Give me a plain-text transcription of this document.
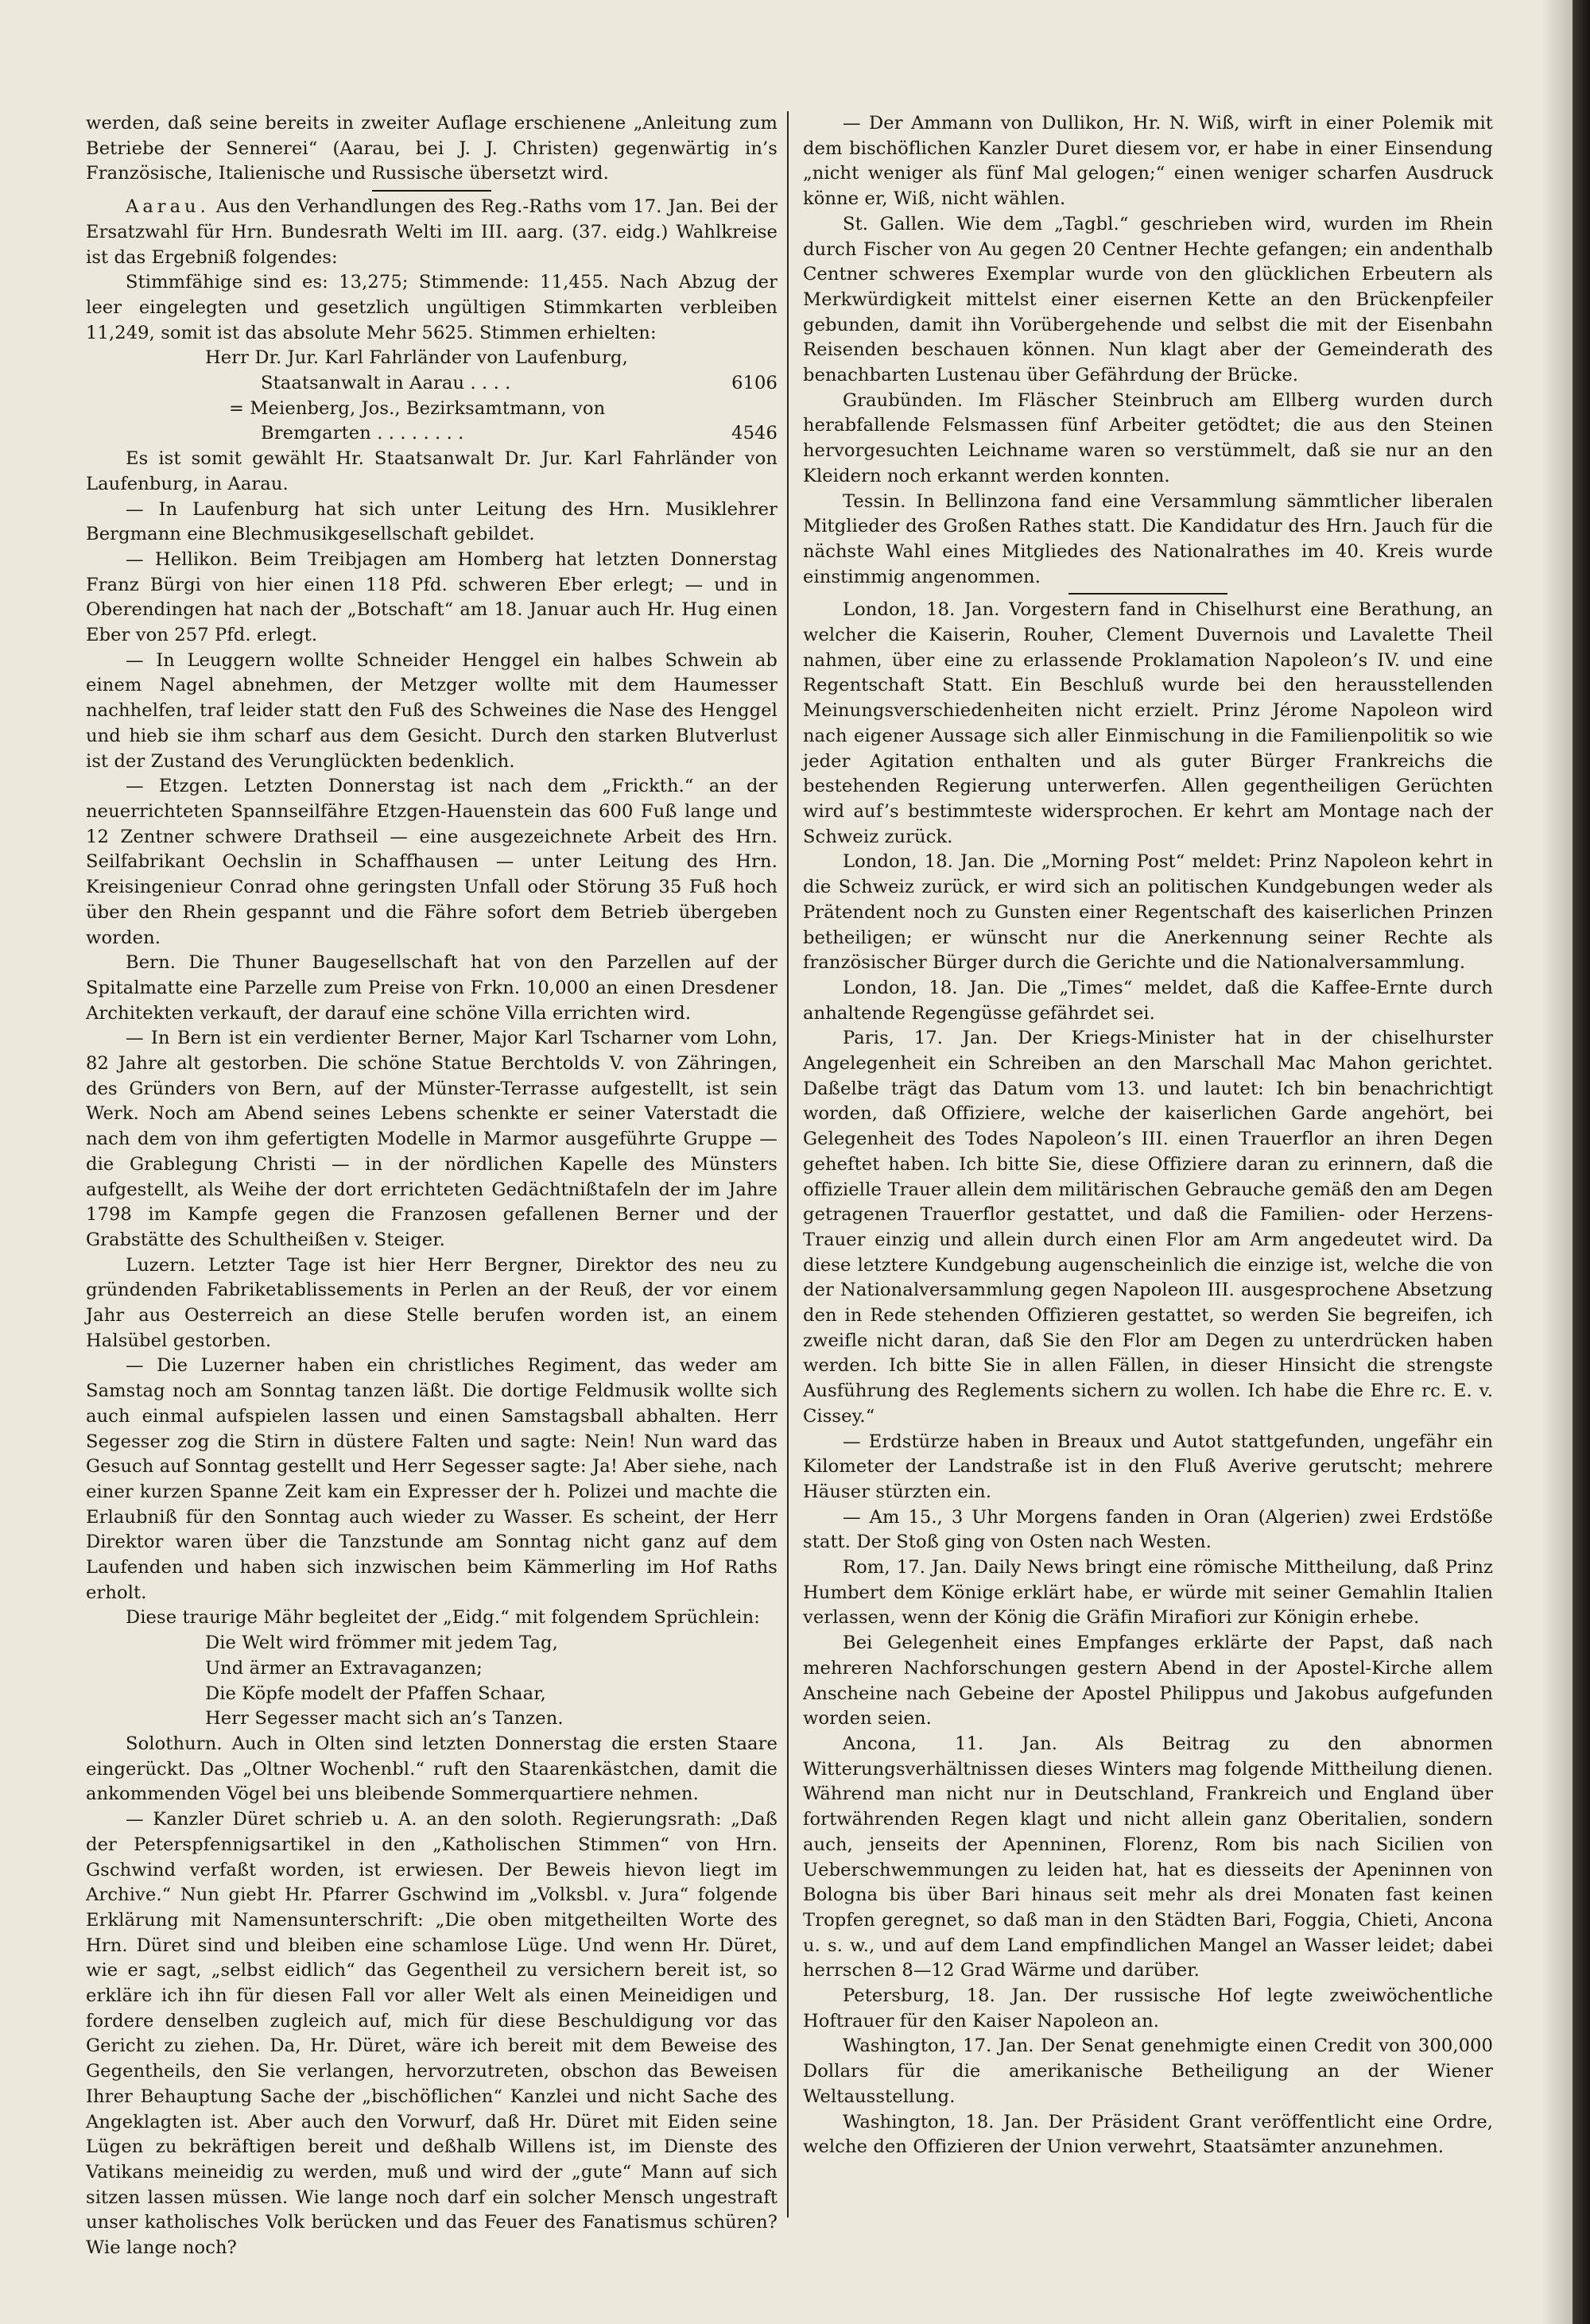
werden, daß seine bereits in zweiter Auflage erschienene „Anleitung zum Betriebe der Sennerei“ (Aarau, bei J. J. Christen) gegenwärtig in’s Französische, Italienische und Russische übersetzt wird.

Aarau. Aus den Verhandlungen des Reg.-Raths vom 17. Jan. Bei der Ersatzwahl für Hrn. Bundesrath Welti im III. aarg. (37. eidg.) Wahlkreise ist das Ergebniß folgendes:

Stimmfähige sind es: 13,275; Stimmende: 11,455. Nach Abzug der leer eingelegten und gesetzlich ungültigen Stimmkarten verbleiben 11,249, somit ist das absolute Mehr 5625. Stimmen erhielten:

Herr Dr. Jur. Karl Fahrländer von Laufenburg,
Staatsanwalt in Aarau . . . .	6106
= Meienberg, Jos., Bezirksamtmann, von
Bremgarten . . . . . . . .	4546

Es ist somit gewählt Hr. Staatsanwalt Dr. Jur. Karl Fahrländer von Laufenburg, in Aarau.

— In Laufenburg hat sich unter Leitung des Hrn. Musiklehrer Bergmann eine Blechmusikgesellschaft gebildet.

— Hellikon. Beim Treibjagen am Homberg hat letzten Donnerstag Franz Bürgi von hier einen 118 Pfd. schweren Eber erlegt; — und in Oberendingen hat nach der „Botschaft“ am 18. Januar auch Hr. Hug einen Eber von 257 Pfd. erlegt.

— In Leuggern wollte Schneider Henggel ein halbes Schwein ab einem Nagel abnehmen, der Metzger wollte mit dem Haumesser nachhelfen, traf leider statt den Fuß des Schweines die Nase des Henggel und hieb sie ihm scharf aus dem Gesicht. Durch den starken Blutverlust ist der Zustand des Verunglückten bedenklich.

— Etzgen. Letzten Donnerstag ist nach dem „Frickth.“ an der neuerrichteten Spannseilfähre Etzgen-Hauenstein das 600 Fuß lange und 12 Zentner schwere Drathseil — eine ausgezeichnete Arbeit des Hrn. Seilfabrikant Oechslin in Schaffhausen — unter Leitung des Hrn. Kreisingenieur Conrad ohne geringsten Unfall oder Störung 35 Fuß hoch über den Rhein gespannt und die Fähre sofort dem Betrieb übergeben worden.

Bern. Die Thuner Baugesellschaft hat von den Parzellen auf der Spitalmatte eine Parzelle zum Preise von Frkn. 10,000 an einen Dresdener Architekten verkauft, der darauf eine schöne Villa errichten wird.

— In Bern ist ein verdienter Berner, Major Karl Tscharner vom Lohn, 82 Jahre alt gestorben. Die schöne Statue Berchtolds V. von Zähringen, des Gründers von Bern, auf der Münster-Terrasse aufgestellt, ist sein Werk. Noch am Abend seines Lebens schenkte er seiner Vaterstadt die nach dem von ihm gefertigten Modelle in Marmor ausgeführte Gruppe — die Grablegung Christi — in der nördlichen Kapelle des Münsters aufgestellt, als Weihe der dort errichteten Gedächtnißtafeln der im Jahre 1798 im Kampfe gegen die Franzosen gefallenen Berner und der Grabstätte des Schultheißen v. Steiger.

Luzern. Letzter Tage ist hier Herr Bergner, Direktor des neu zu gründenden Fabriketablissements in Perlen an der Reuß, der vor einem Jahr aus Oesterreich an diese Stelle berufen worden ist, an einem Halsübel gestorben.

— Die Luzerner haben ein christliches Regiment, das weder am Samstag noch am Sonntag tanzen läßt. Die dortige Feldmusik wollte sich auch einmal aufspielen lassen und einen Samstagsball abhalten. Herr Segesser zog die Stirn in düstere Falten und sagte: Nein! Nun ward das Gesuch auf Sonntag gestellt und Herr Segesser sagte: Ja! Aber siehe, nach einer kurzen Spanne Zeit kam ein Expresser der h. Polizei und machte die Erlaubniß für den Sonntag auch wieder zu Wasser. Es scheint, der Herr Direktor waren über die Tanzstunde am Sonntag nicht ganz auf dem Laufenden und haben sich inzwischen beim Kämmerling im Hof Raths erholt.

Diese traurige Mähr begleitet der „Eidg.“ mit folgendem Sprüchlein:

Die Welt wird frömmer mit jedem Tag,
Und ärmer an Extravaganzen;
Die Köpfe modelt der Pfaffen Schaar,
Herr Segesser macht sich an’s Tanzen.

Solothurn. Auch in Olten sind letzten Donnerstag die ersten Staare eingerückt. Das „Oltner Wochenbl.“ ruft den Staarenkästchen, damit die ankommenden Vögel bei uns bleibende Sommerquartiere nehmen.

— Kanzler Düret schrieb u. A. an den soloth. Regierungsrath: „Daß der Peterspfennigsartikel in den „Katholischen Stimmen“ von Hrn. Gschwind verfaßt worden, ist erwiesen. Der Beweis hievon liegt im Archive.“ Nun giebt Hr. Pfarrer Gschwind im „Volksbl. v. Jura“ folgende Erklärung mit Namensunterschrift: „Die oben mitgetheilten Worte des Hrn. Düret sind und bleiben eine schamlose Lüge. Und wenn Hr. Düret, wie er sagt, „selbst eidlich“ das Gegentheil zu versichern bereit ist, so erkläre ich ihn für diesen Fall vor aller Welt als einen Meineidigen und fordere denselben zugleich auf, mich für diese Beschuldigung vor das Gericht zu ziehen. Da, Hr. Düret, wäre ich bereit mit dem Beweise des Gegentheils, den Sie verlangen, hervorzutreten, obschon das Beweisen Ihrer Behauptung Sache der „bischöflichen“ Kanzlei und nicht Sache des Angeklagten ist. Aber auch den Vorwurf, daß Hr. Düret mit Eiden seine Lügen zu bekräftigen bereit und deßhalb Willens ist, im Dienste des Vatikans meineidig zu werden, muß und wird der „gute“ Mann auf sich sitzen lassen müssen. Wie lange noch darf ein solcher Mensch ungestraft unser katholisches Volk berücken und das Feuer des Fanatismus schüren? Wie lange noch?

— Der Ammann von Dullikon, Hr. N. Wiß, wirft in einer Polemik mit dem bischöflichen Kanzler Duret diesem vor, er habe in einer Einsendung „nicht weniger als fünf Mal gelogen;“ einen weniger scharfen Ausdruck könne er, Wiß, nicht wählen.

St. Gallen. Wie dem „Tagbl.“ geschrieben wird, wurden im Rhein durch Fischer von Au gegen 20 Centner Hechte gefangen; ein andenthalb Centner schweres Exemplar wurde von den glücklichen Erbeutern als Merkwürdigkeit mittelst einer eisernen Kette an den Brückenpfeiler gebunden, damit ihn Vorübergehende und selbst die mit der Eisenbahn Reisenden beschauen können. Nun klagt aber der Gemeinderath des benachbarten Lustenau über Gefährdung der Brücke.

Graubünden. Im Fläscher Steinbruch am Ellberg wurden durch herabfallende Felsmassen fünf Arbeiter getödtet; die aus den Steinen hervorgesuchten Leichname waren so verstümmelt, daß sie nur an den Kleidern noch erkannt werden konnten.

Tessin. In Bellinzona fand eine Versammlung sämmtlicher liberalen Mitglieder des Großen Rathes statt. Die Kandidatur des Hrn. Jauch für die nächste Wahl eines Mitgliedes des Nationalrathes im 40. Kreis wurde einstimmig angenommen.

London, 18. Jan. Vorgestern fand in Chiselhurst eine Berathung, an welcher die Kaiserin, Rouher, Clement Duvernois und Lavalette Theil nahmen, über eine zu erlassende Proklamation Napoleon’s IV. und eine Regentschaft Statt. Ein Beschluß wurde bei den herausstellenden Meinungsverschiedenheiten nicht erzielt. Prinz Jérome Napoleon wird nach eigener Aussage sich aller Einmischung in die Familienpolitik so wie jeder Agitation enthalten und als guter Bürger Frankreichs die bestehenden Regierung unterwerfen. Allen gegentheiligen Gerüchten wird auf’s bestimmteste widersprochen. Er kehrt am Montage nach der Schweiz zurück.

London, 18. Jan. Die „Morning Post“ meldet: Prinz Napoleon kehrt in die Schweiz zurück, er wird sich an politischen Kundgebungen weder als Prätendent noch zu Gunsten einer Regentschaft des kaiserlichen Prinzen betheiligen; er wünscht nur die Anerkennung seiner Rechte als französischer Bürger durch die Gerichte und die Nationalversammlung.

London, 18. Jan. Die „Times“ meldet, daß die Kaffee-Ernte durch anhaltende Regengüsse gefährdet sei.

Paris, 17. Jan. Der Kriegs-Minister hat in der chiselhurster Angelegenheit ein Schreiben an den Marschall Mac Mahon gerichtet. Daßelbe trägt das Datum vom 13. und lautet: Ich bin benachrichtigt worden, daß Offiziere, welche der kaiserlichen Garde angehört, bei Gelegenheit des Todes Napoleon’s III. einen Trauerflor an ihren Degen geheftet haben. Ich bitte Sie, diese Offiziere daran zu erinnern, daß die offizielle Trauer allein dem militärischen Gebrauche gemäß den am Degen getragenen Trauerflor gestattet, und daß die Familien- oder Herzens-Trauer einzig und allein durch einen Flor am Arm angedeutet wird. Da diese letztere Kundgebung augenscheinlich die einzige ist, welche die von der Nationalversammlung gegen Napoleon III. ausgesprochene Absetzung den in Rede stehenden Offizieren gestattet, so werden Sie begreifen, ich zweifle nicht daran, daß Sie den Flor am Degen zu unterdrücken haben werden. Ich bitte Sie in allen Fällen, in dieser Hinsicht die strengste Ausführung des Reglements sichern zu wollen. Ich habe die Ehre rc. E. v. Cissey.“

— Erdstürze haben in Breaux und Autot stattgefunden, ungefähr ein Kilometer der Landstraße ist in den Fluß Averive gerutscht; mehrere Häuser stürzten ein.

— Am 15., 3 Uhr Morgens fanden in Oran (Algerien) zwei Erdstöße statt. Der Stoß ging von Osten nach Westen.

Rom, 17. Jan. Daily News bringt eine römische Mittheilung, daß Prinz Humbert dem Könige erklärt habe, er würde mit seiner Gemahlin Italien verlassen, wenn der König die Gräfin Mirafiori zur Königin erhebe.

Bei Gelegenheit eines Empfanges erklärte der Papst, daß nach mehreren Nachforschungen gestern Abend in der Apostel-Kirche allem Anscheine nach Gebeine der Apostel Philippus und Jakobus aufgefunden worden seien.

Ancona, 11. Jan. Als Beitrag zu den abnormen Witterungsverhältnissen dieses Winters mag folgende Mittheilung dienen. Während man nicht nur in Deutschland, Frankreich und England über fortwährenden Regen klagt und nicht allein ganz Oberitalien, sondern auch, jenseits der Apenninen, Florenz, Rom bis nach Sicilien von Ueberschwemmungen zu leiden hat, hat es diesseits der Apeninnen von Bologna bis über Bari hinaus seit mehr als drei Monaten fast keinen Tropfen geregnet, so daß man in den Städten Bari, Foggia, Chieti, Ancona u. s. w., und auf dem Land empfindlichen Mangel an Wasser leidet; dabei herrschen 8—12 Grad Wärme und darüber.

Petersburg, 18. Jan. Der russische Hof legte zweiwöchentliche Hoftrauer für den Kaiser Napoleon an.

Washington, 17. Jan. Der Senat genehmigte einen Credit von 300,000 Dollars für die amerikanische Betheiligung an der Wiener Weltausstellung.

Washington, 18. Jan. Der Präsident Grant veröffentlicht eine Ordre, welche den Offizieren der Union verwehrt, Staatsämter anzunehmen.
